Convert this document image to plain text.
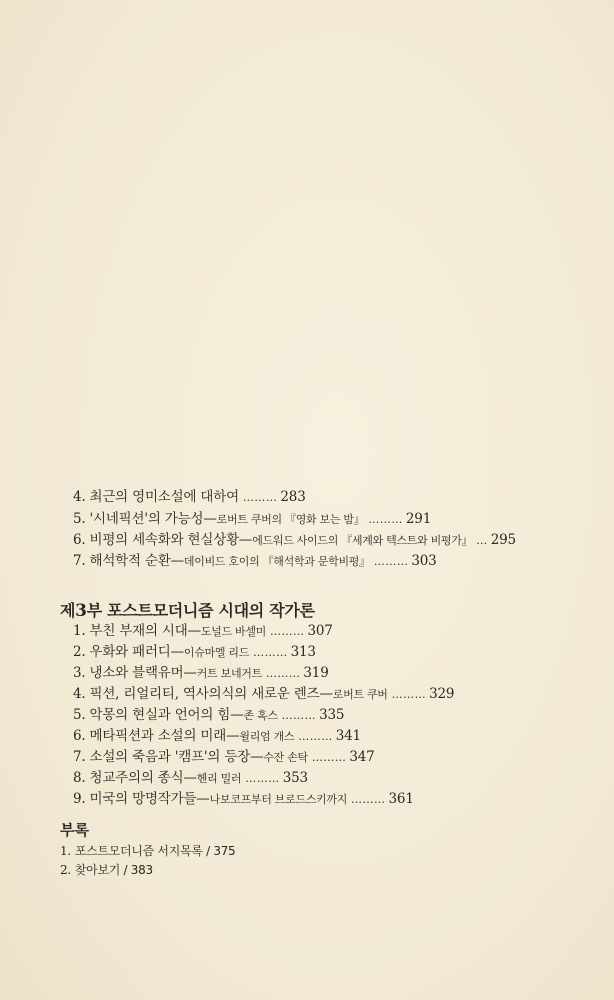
4. 최근의 영미소설에 대하여 ……… 283
5. '시네픽션'의 가능성—로버트 쿠버의 『영화 보는 밤』 ……… 291
6. 비평의 세속화와 현실상황—에드워드 사이드의 『세계와 텍스트와 비평가』 … 295
7. 해석학적 순환—데이비드 호이의 『해석학과 문학비평』 ……… 303
제3부 포스트모더니즘 시대의 작가론
1. 부친 부재의 시대—도널드 바셀미 ……… 307
2. 우화와 패러디—이슈마엘 리드 ……… 313
3. 냉소와 블랙유머—커트 보네거트 ……… 319
4. 픽션, 리얼리티, 역사의식의 새로운 렌즈—로버트 쿠버 ……… 329
5. 악몽의 현실과 언어의 힘—존 혹스 ……… 335
6. 메타픽션과 소설의 미래—윌리엄 개스 ……… 341
7. 소설의 죽음과 '캠프'의 등장—수잔 손탁 ……… 347
8. 청교주의의 종식—헨리 밀러 ……… 353
9. 미국의 망명작가들—나보코프부터 브로드스키까지 ……… 361
부록
1. 포스트모더니즘 서지목록 / 375
2. 찾아보기 / 383
